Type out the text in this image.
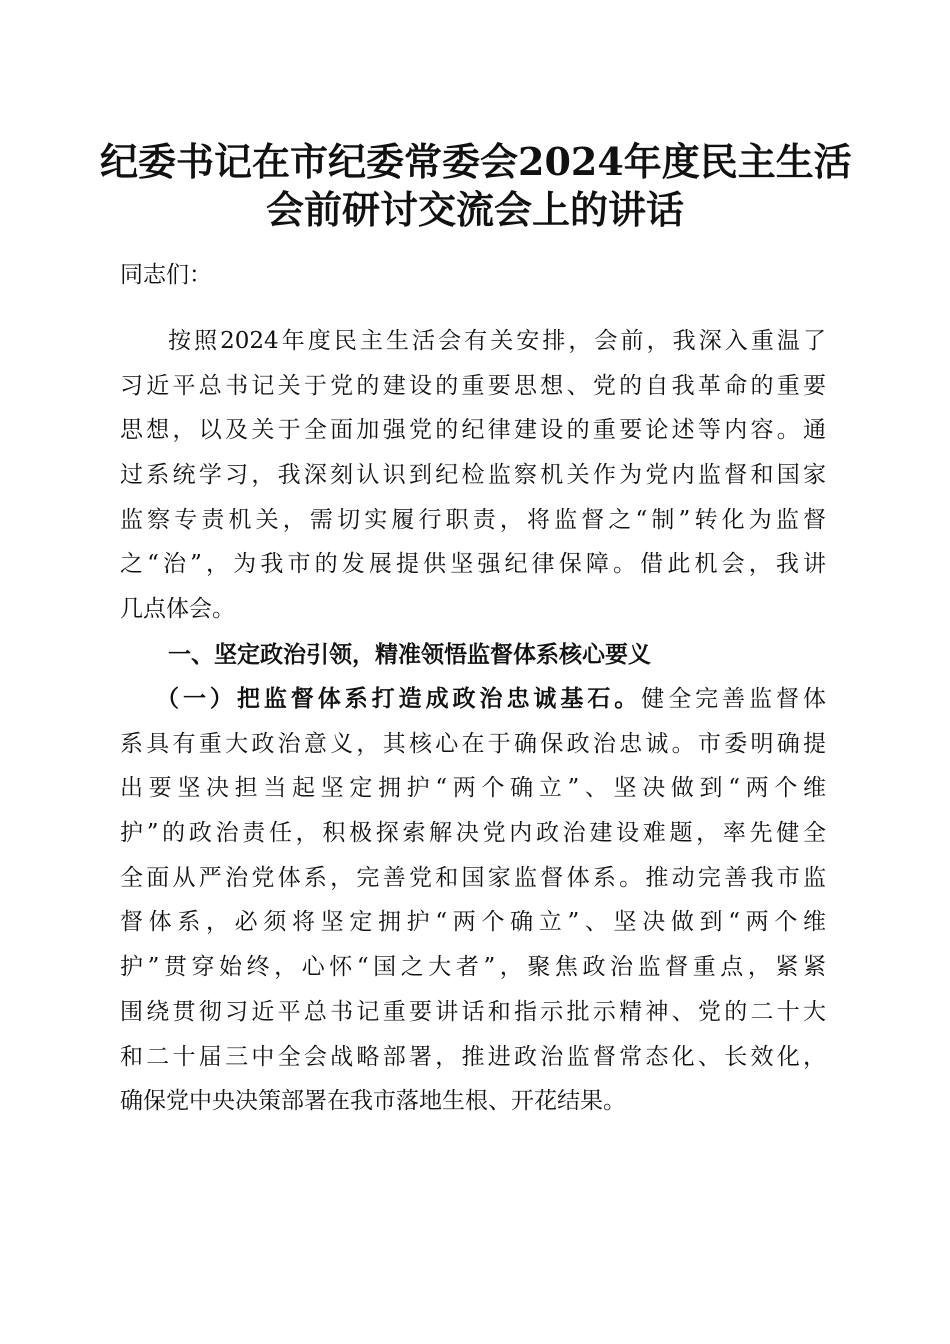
纪委书记在市纪委常委会2024年度民主生活
会前研讨交流会上的讲话

同志们：

按照2024年度民主生活会有关安排，会前，我深入重温了
习近平总书记关于党的建设的重要思想、党的自我革命的重要
思想，以及关于全面加强党的纪律建设的重要论述等内容。通
过系统学习，我深刻认识到纪检监察机关作为党内监督和国家
监察专责机关，需切实履行职责，将监督之“制”转化为监督
之“治”，为我市的发展提供坚强纪律保障。借此机会，我讲
几点体会。
一、坚定政治引领，精准领悟监督体系核心要义
（一）把监督体系打造成政治忠诚基石。健全完善监督体
系具有重大政治意义，其核心在于确保政治忠诚。市委明确提
出要坚决担当起坚定拥护“两个确立”、坚决做到“两个维
护”的政治责任，积极探索解决党内政治建设难题，率先健全
全面从严治党体系，完善党和国家监督体系。推动完善我市监
督体系，必须将坚定拥护“两个确立”、坚决做到“两个维
护”贯穿始终，心怀“国之大者”，聚焦政治监督重点，紧紧
围绕贯彻习近平总书记重要讲话和指示批示精神、党的二十大
和二十届三中全会战略部署，推进政治监督常态化、长效化，
确保党中央决策部署在我市落地生根、开花结果。
